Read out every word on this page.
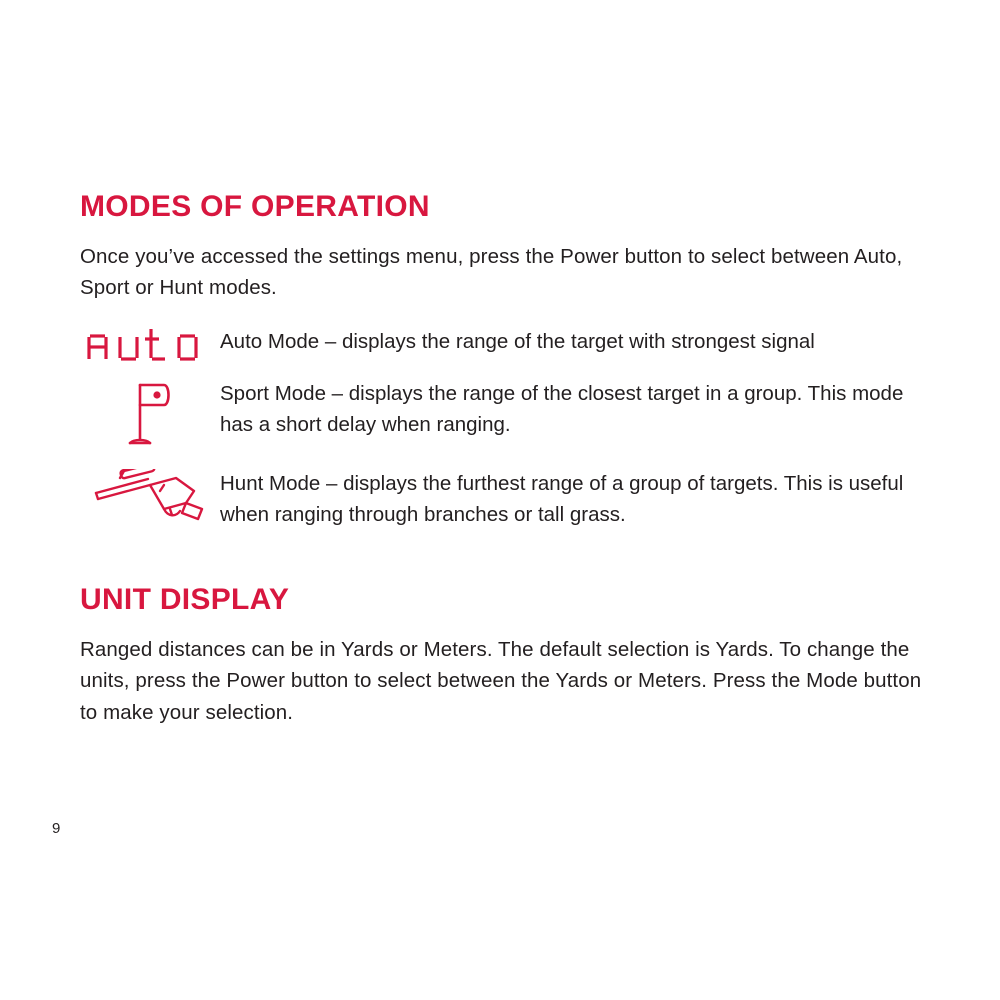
MODES OF OPERATION

Once you’ve accessed the settings menu, press the Power button to select between Auto, Sport or Hunt modes.

Auto Mode – displays the range of the target with strongest signal
Sport Mode – displays the range of the closest target in a group. This mode has a short delay when ranging.
Hunt Mode – displays the furthest range of a group of targets. This is useful when ranging through branches or tall grass.
UNIT DISPLAY

Ranged distances can be in Yards or Meters. The default selection is Yards. To change the units, press the Power button to select between the Yards or Meters. Press the Mode button to make your selection.

9
